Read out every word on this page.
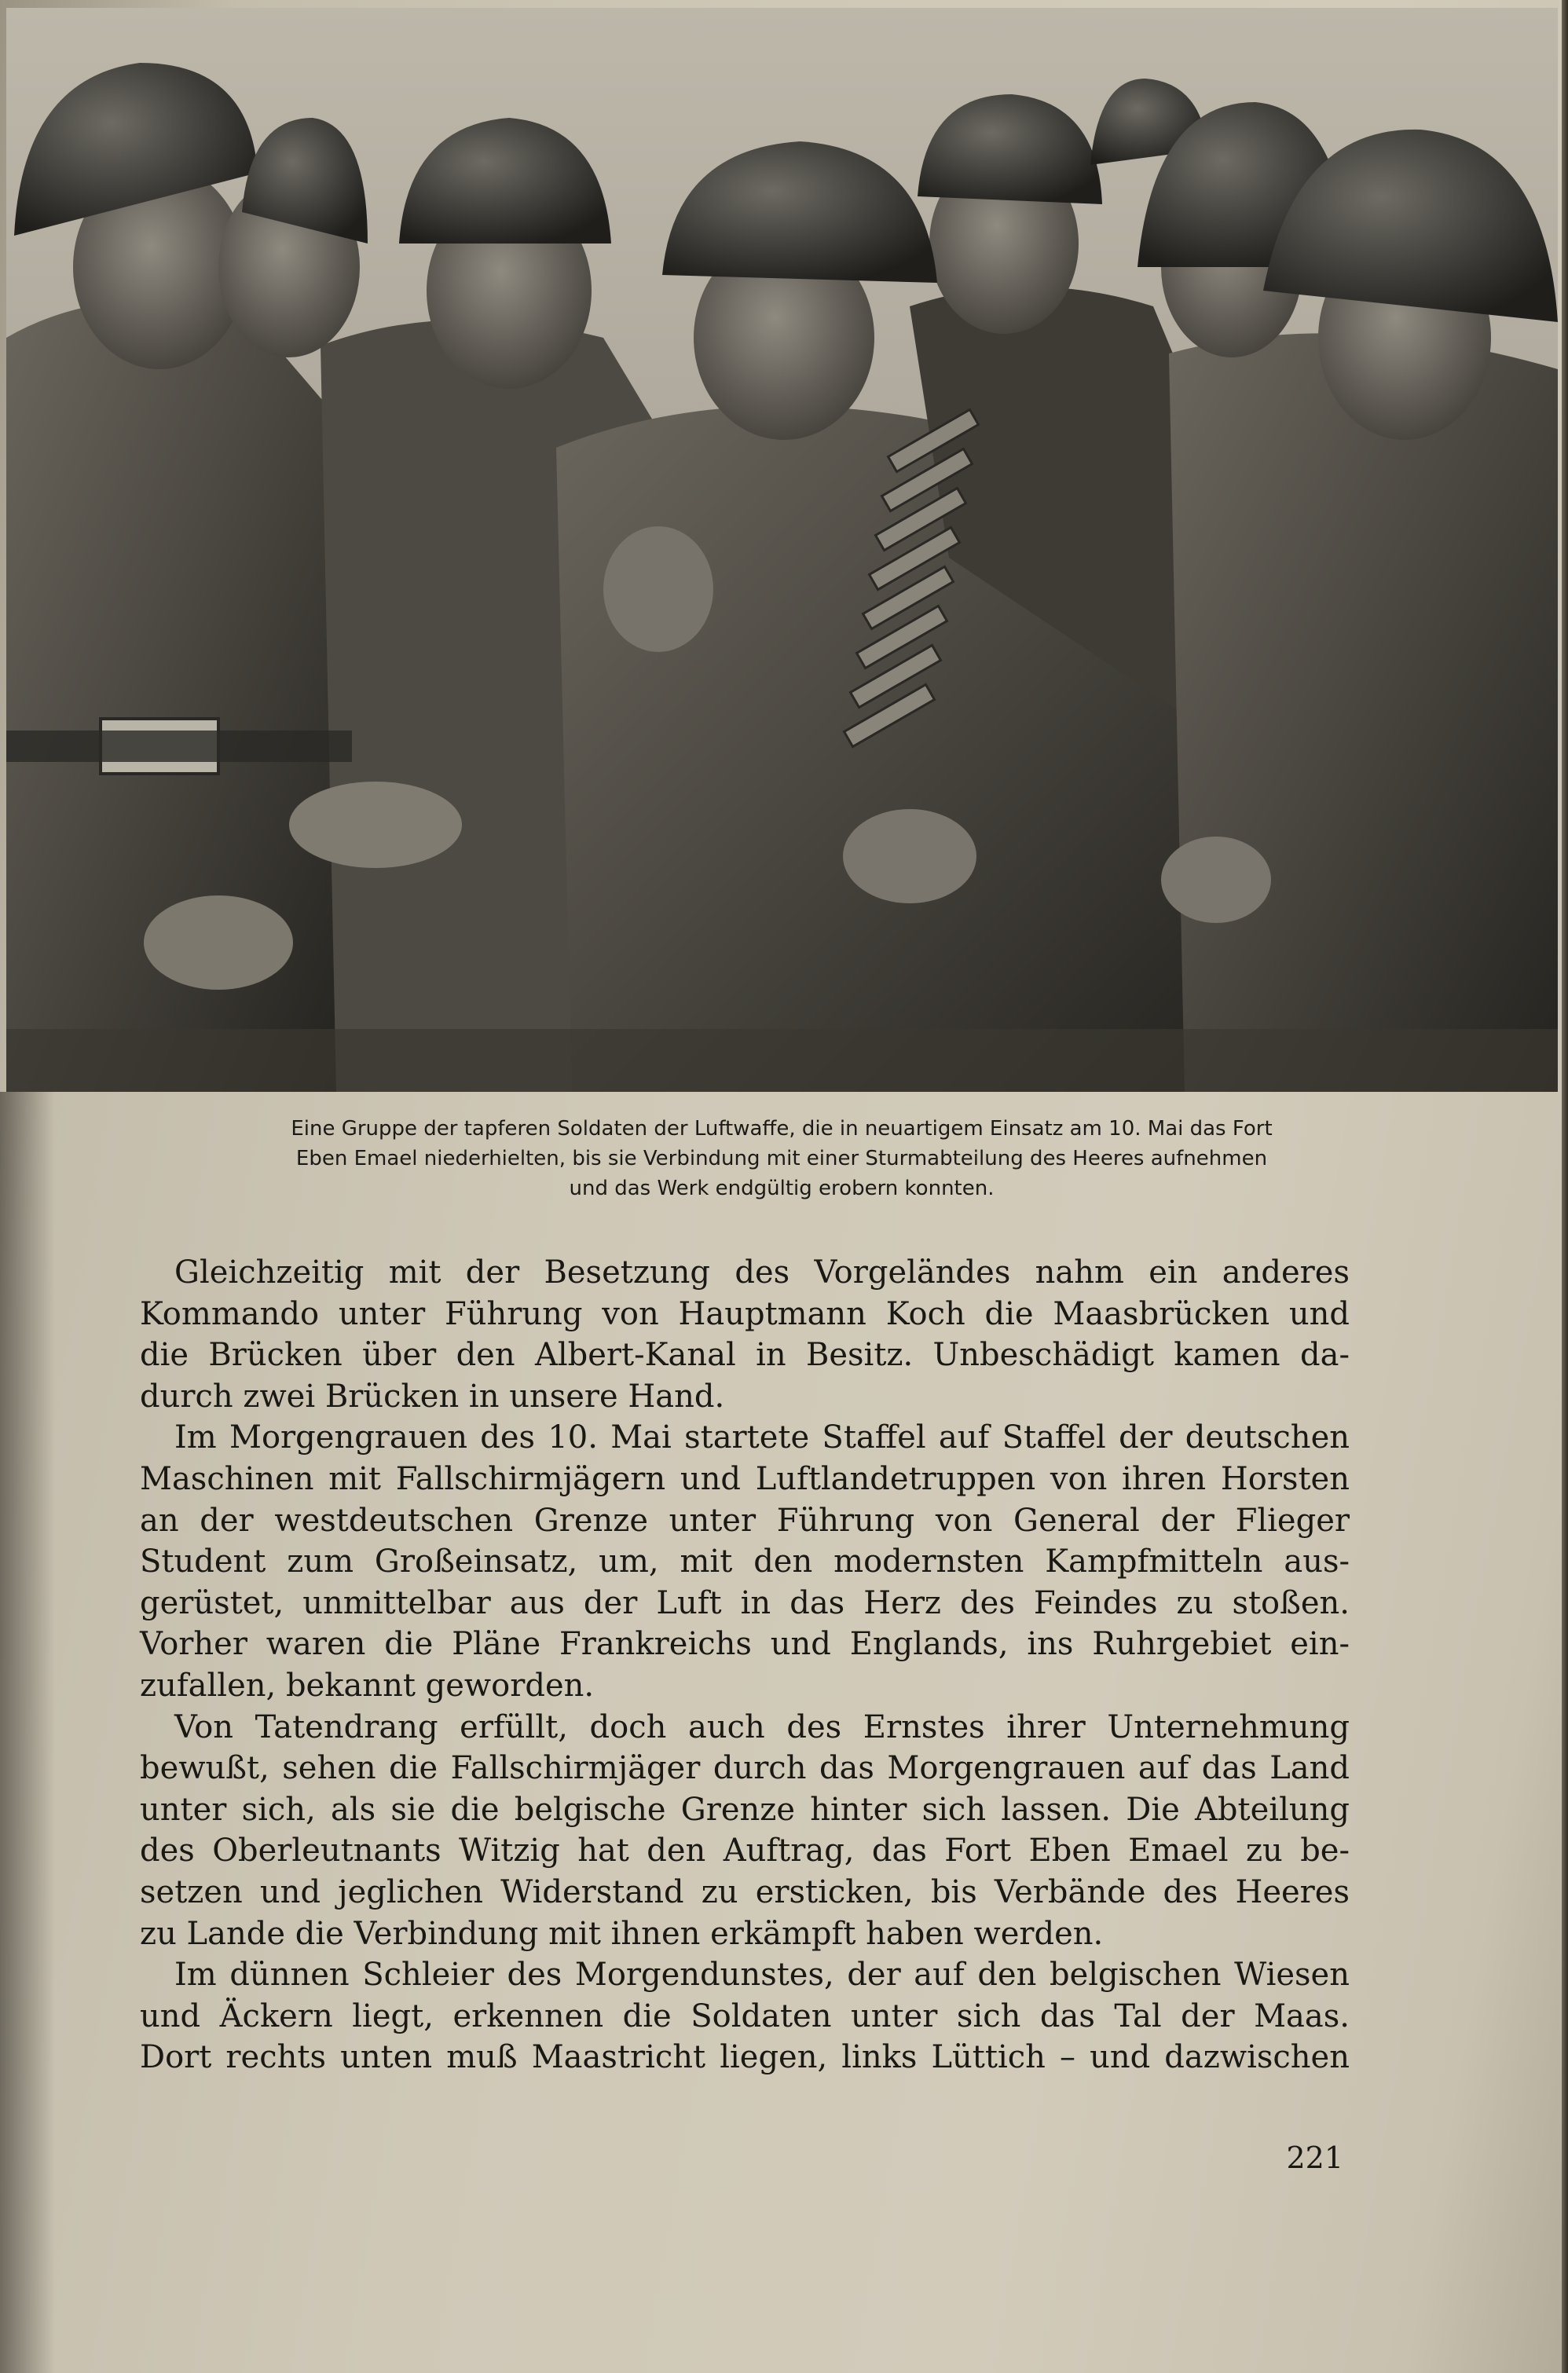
Eine Gruppe der tapferen Soldaten der Luftwaffe, die in neuartigem Einsatz am 10. Mai das Fort
Eben Emael niederhielten, bis sie Verbindung mit einer Sturmabteilung des Heeres aufnehmen
und das Werk endgültig erobern konnten.
Gleichzeitig mit der Besetzung des Vorgeländes nahm ein anderes
Kommando unter Führung von Hauptmann Koch die Maasbrücken und
die Brücken über den Albert-Kanal in Besitz. Unbeschädigt kamen da-
durch zwei Brücken in unsere Hand.
Im Morgengrauen des 10. Mai startete Staffel auf Staffel der deutschen
Maschinen mit Fallschirmjägern und Luftlandetruppen von ihren Horsten
an der westdeutschen Grenze unter Führung von General der Flieger
Student zum Großeinsatz, um, mit den modernsten Kampfmitteln aus-
gerüstet, unmittelbar aus der Luft in das Herz des Feindes zu stoßen.
Vorher waren die Pläne Frankreichs und Englands, ins Ruhrgebiet ein-
zufallen, bekannt geworden.
Von Tatendrang erfüllt, doch auch des Ernstes ihrer Unternehmung
bewußt, sehen die Fallschirmjäger durch das Morgengrauen auf das Land
unter sich, als sie die belgische Grenze hinter sich lassen. Die Abteilung
des Oberleutnants Witzig hat den Auftrag, das Fort Eben Emael zu be-
setzen und jeglichen Widerstand zu ersticken, bis Verbände des Heeres
zu Lande die Verbindung mit ihnen erkämpft haben werden.
Im dünnen Schleier des Morgendunstes, der auf den belgischen Wiesen
und Äckern liegt, erkennen die Soldaten unter sich das Tal der Maas.
Dort rechts unten muß Maastricht liegen, links Lüttich – und dazwischen
221
